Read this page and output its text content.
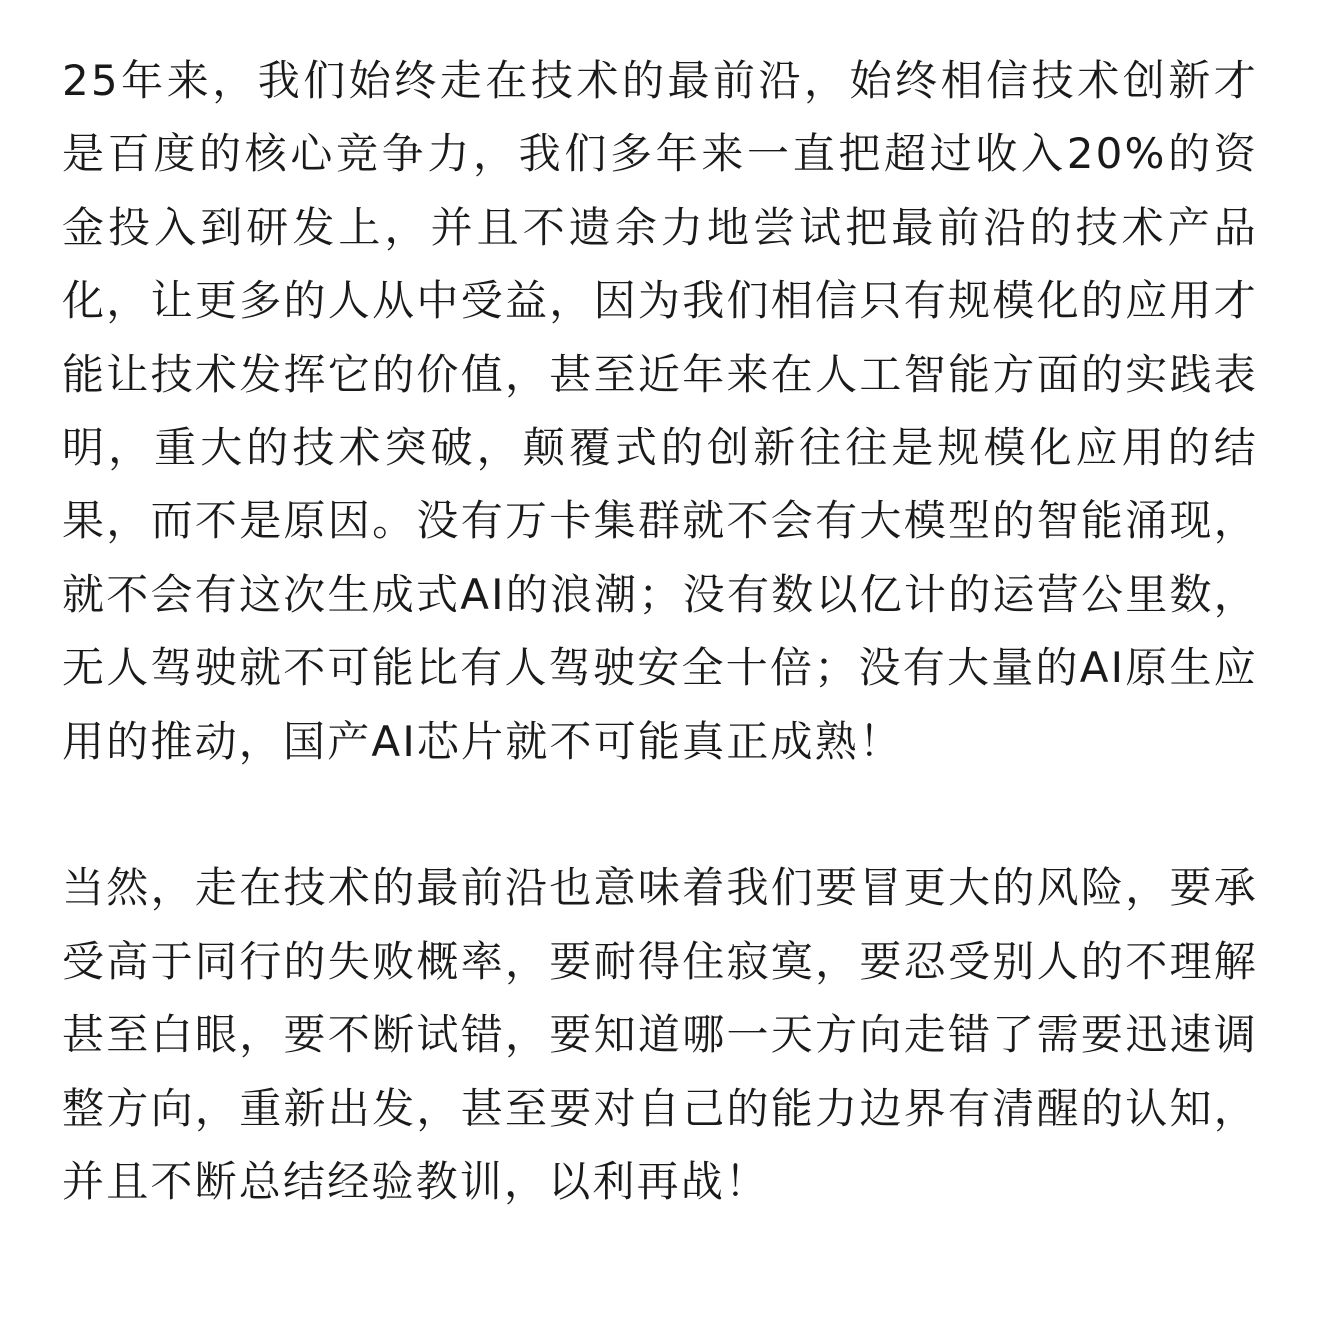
25年来，我们始终走在技术的最前沿，始终相信技术创新才是百度的核心竞争力，我们多年来一直把超过收入20%的资金投入到研发上，并且不遗余力地尝试把最前沿的技术产品化，让更多的人从中受益，因为我们相信只有规模化的应用才能让技术发挥它的价值，甚至近年来在人工智能方面的实践表明，重大的技术突破，颠覆式的创新往往是规模化应用的结果，而不是原因。没有万卡集群就不会有大模型的智能涌现，就不会有这次生成式AI的浪潮；没有数以亿计的运营公里数，无人驾驶就不可能比有人驾驶安全十倍；没有大量的AI原生应用的推动，国产AI芯片就不可能真正成熟！

当然，走在技术的最前沿也意味着我们要冒更大的风险，要承受高于同行的失败概率，要耐得住寂寞，要忍受别人的不理解甚至白眼，要不断试错，要知道哪一天方向走错了需要迅速调整方向，重新出发，甚至要对自己的能力边界有清醒的认知，并且不断总结经验教训，以利再战！
